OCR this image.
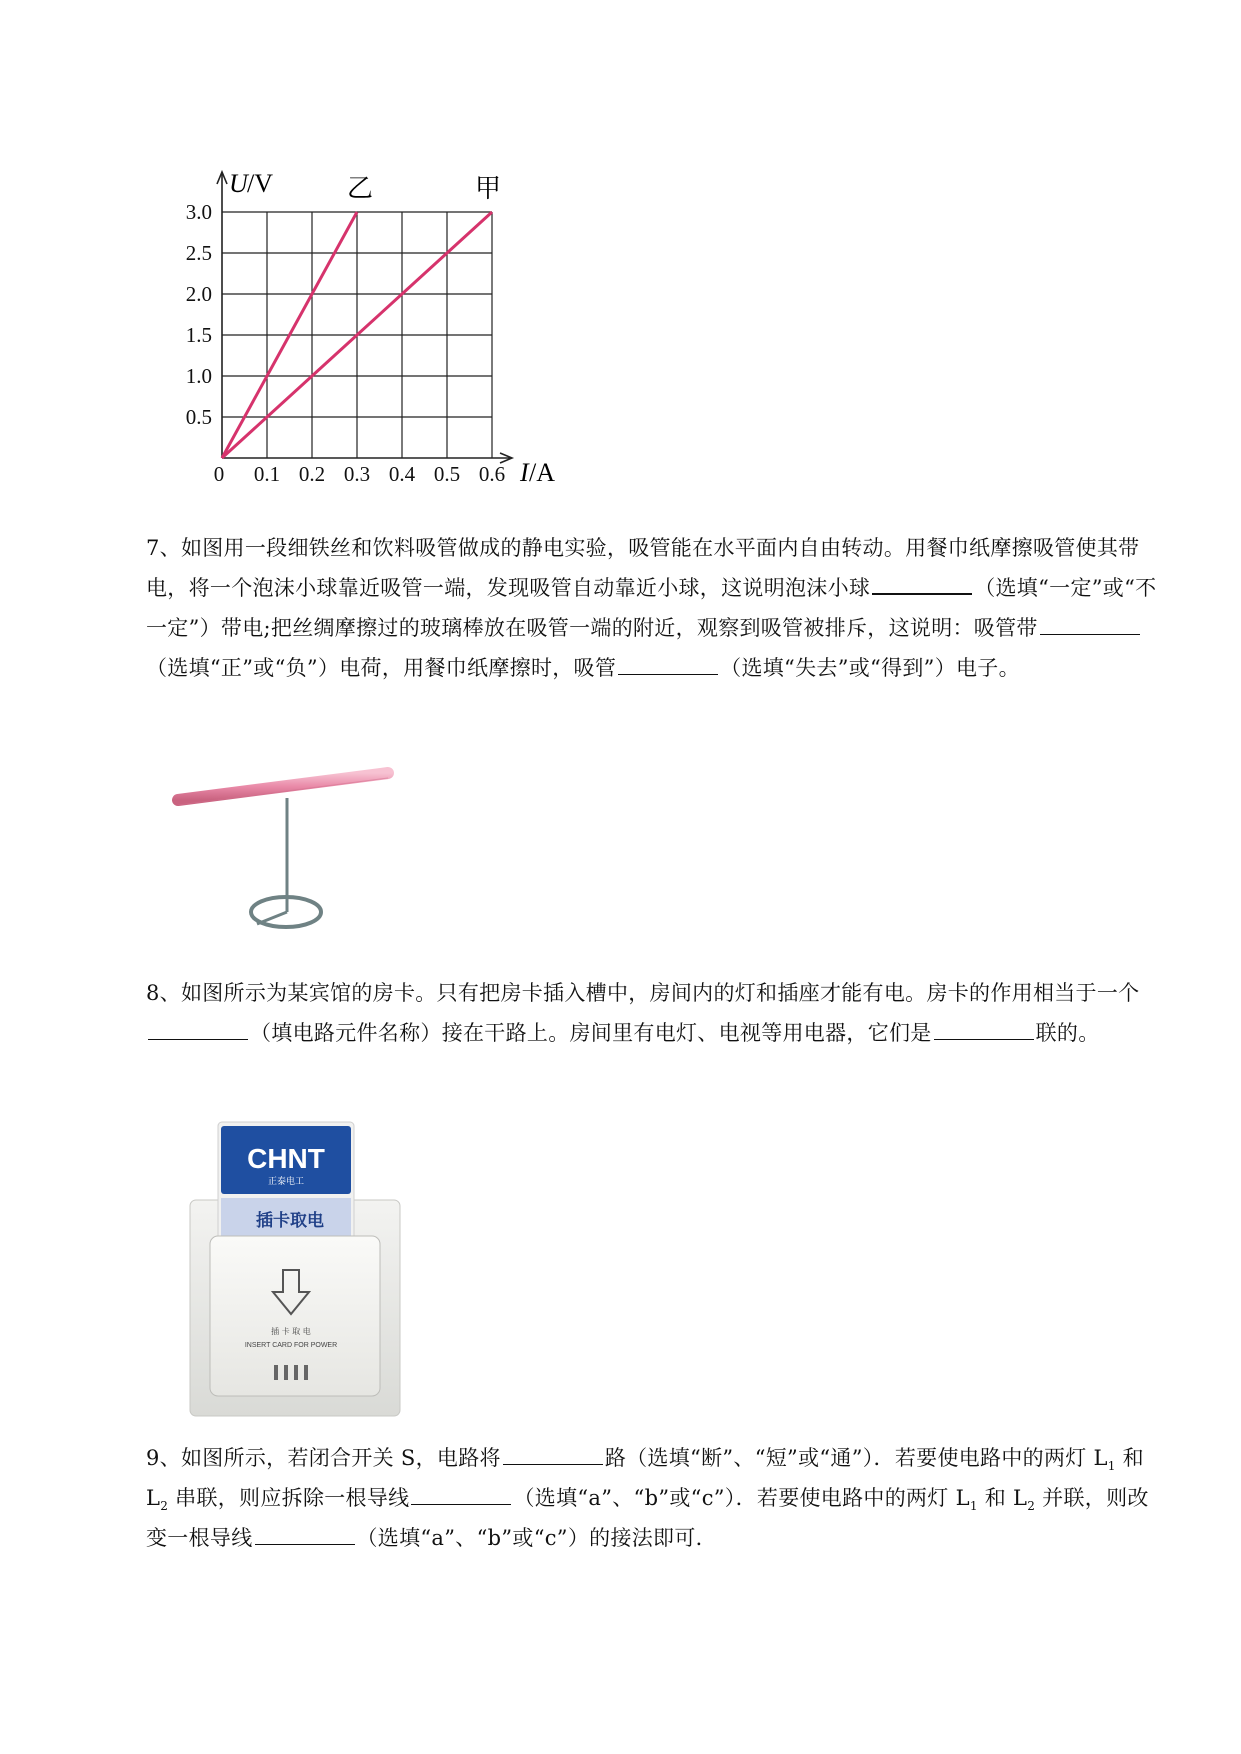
0 0.1 0.2 0.3 0.4 0.5 0.6
0.5
1.0
1.5
2.0
2.5
3.0
U /V
I /A
乙	甲
7、如图用一段细铁丝和饮料吸管做成的静电实验，吸管能在水平面内自由转动。用餐巾纸摩擦吸管使其带电，将一个泡沫小球靠近吸管一端，发现吸管自动靠近小球，这说明泡沫小球	（选填“一定”或“不一定”）带电;把丝绸摩擦过的玻璃棒放在吸管一端的附近，观察到吸管被排斥，这说明：吸管带（选填“正”或“负”）电荷，用餐巾纸摩擦时，吸管	（选填“失去”或“得到”）电子。
8、如图所示为某宾馆的房卡。只有把房卡插入槽中，房间内的灯和插座才能有电。房卡的作用相当于一个（填电路元件名称）接在干路上。房间里有电灯、电视等用电器，它们是	联的。
CHNT
正泰电工
插卡取电
插 卡 取 电
INSERT CARD FOR POWER
9、如图所示，若闭合开关 S，电路将	路（选填“断”、“短”或“通”）．若要使电路中的两灯 $L_1$ 和 $L_2$ 串联，则应拆除一根导线	（选填“a”、“b”或“c”）．若要使电路中的两灯 $L_1$ 和 $L_2$ 并联，则改变一根导线	（选填“a”、“b”或“c”）的接法即可．
